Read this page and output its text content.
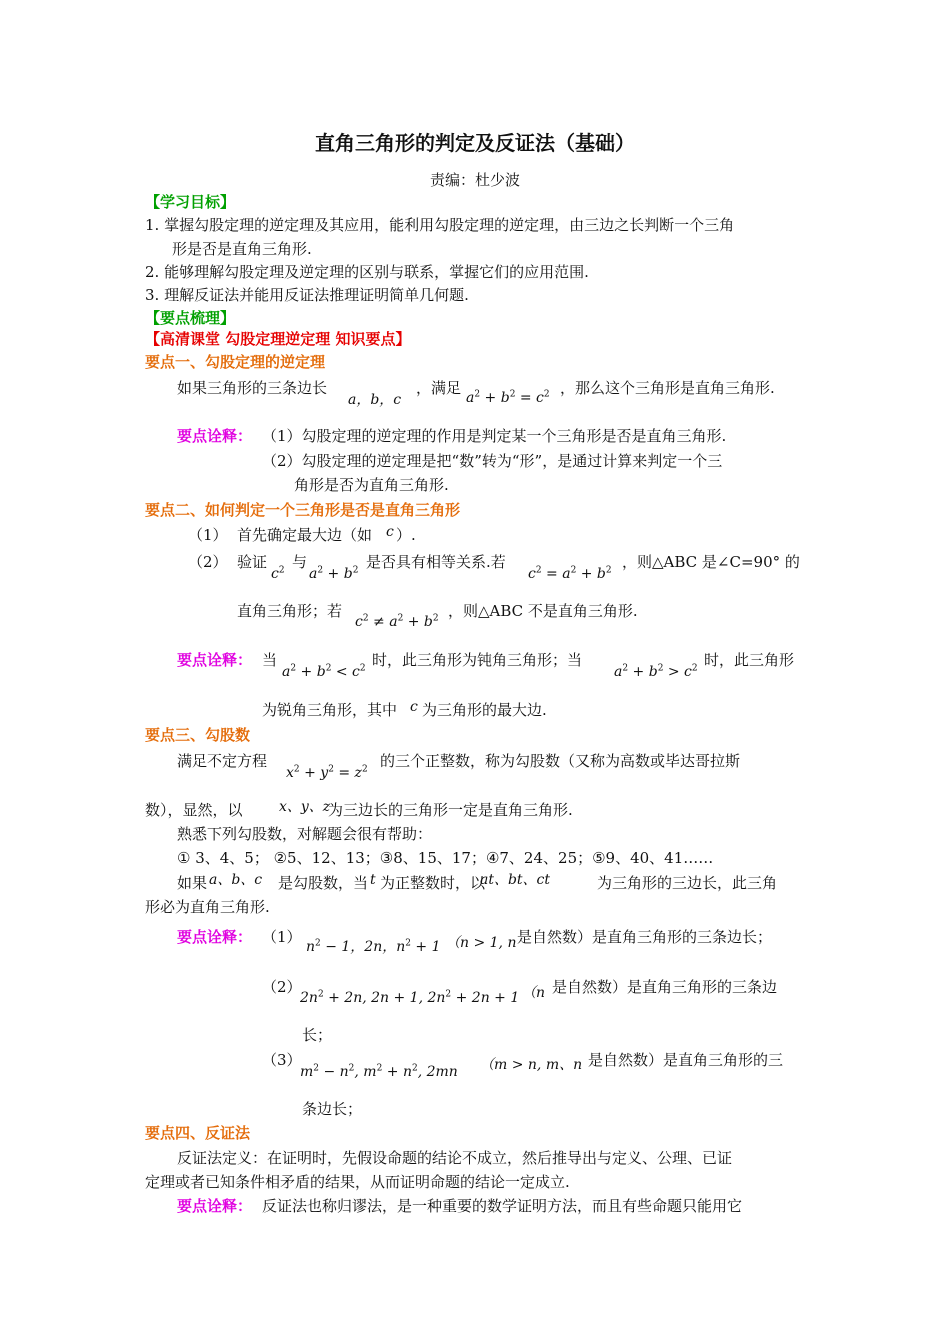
直角三角形的判定及反证法（基础）
责编：杜少波
【学习目标】
1. 掌握勾股定理的逆定理及其应用，能利用勾股定理的逆定理，由三边之长判断一个三角
形是否是直角三角形.
2. 能够理解勾股定理及逆定理的区别与联系，掌握它们的应用范围.
3. 理解反证法并能用反证法推理证明简单几何题.
【要点梳理】
【高清课堂 勾股定理逆定理 知识要点】
要点一、勾股定理的逆定理
如果三角形的三条边长
a，b，c
，满足
$a^2 + b^2 = c^2$ ，那么这个三角形是直角三角形.
要点诠释： （1）勾股定理的逆定理的作用是判定某一个三角形是否是直角三角形.
（2）勾股定理的逆定理是把“数”转为“形”，是通过计算来判定一个三
角形是否为直角三角形.
要点二、如何判定一个三角形是否是直角三角形
（1） 首先确定最大边（如 c ）.
（2） 验证
$c^2$ 与
$a^2 + b^2$ 是否具有相等关系.若
$c^2 = a^2 + b^2$ ，则△ABC 是∠C=90° 的
直角三角形；若
$c^2 \ne a^2 + b^2$ ，则△ABC 不是直角三角形.
要点诠释： 当
$a^2 + b^2 < c^2$ 时，此三角形为钝角三角形；当
$a^2 + b^2 > c^2$ 时，此三角形
为锐角三角形，其中 c 为三角形的最大边.
要点三、勾股数
满足不定方程
$x^2 + y^2 = z^2$ 的三个正整数，称为勾股数（又称为高数或毕达哥拉斯
数），显然，以	x、y、z
为三边长的三角形一定是直角三角形.
熟悉下列勾股数，对解题会很有帮助：
① 3、4、5； ②5、12、13；③8、15、17；④7、24、25；⑤9、40、41……
如果 a、b、c 是勾股数，当 t 为正整数时，以
at、bt、ct	为三角形的三边长，此三角
形必为直角三角形.
要点诠释： （1）
$n^2 - 1$，2n，$n^2 + 1$ （n > 1, n 是自然数）是直角三角形的三条边长；
（2）
$2n^2 + 2n$, 2n + 1, $2n^2 + 2n + 1$ （n 是自然数）是直角三角形的三条边
长；
（3）
$m^2 - n^2$, $m^2 + n^2$, 2mn （m > n, m、n 是自然数）是直角三角形的三
条边长；
要点四、反证法
反证法定义：在证明时，先假设命题的结论不成立，然后推导出与定义、公理、已证
定理或者已知条件相矛盾的结果，从而证明命题的结论一定成立.
要点诠释： 反证法也称归谬法，是一种重要的数学证明方法，而且有些命题只能用它
